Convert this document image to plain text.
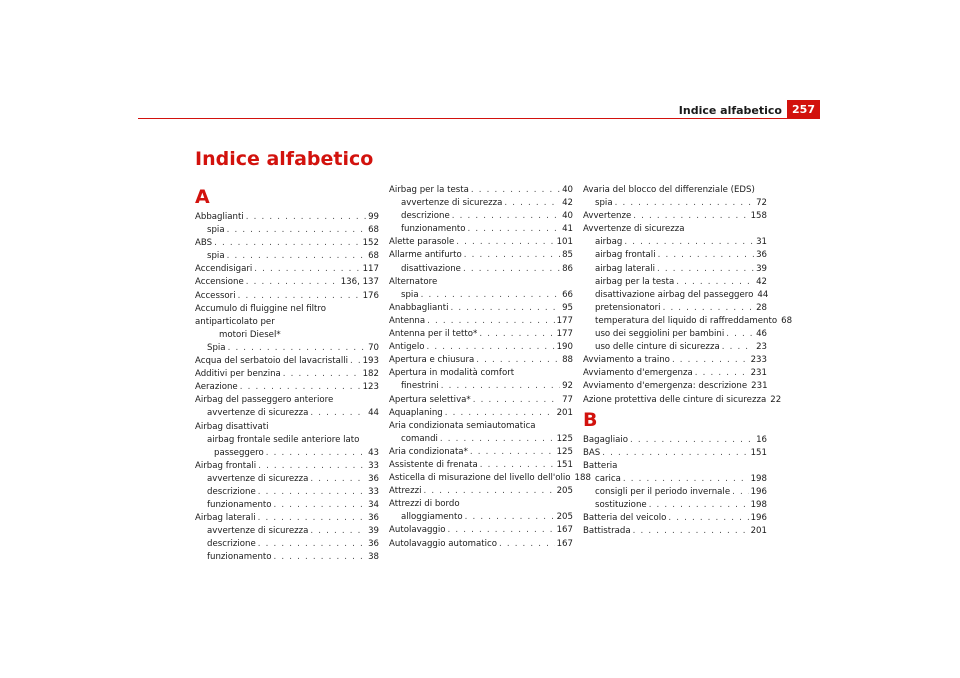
Indice alfabetico 257
Indice alfabetico
A
Abbaglianti . . .	99
spia . . .	68
ABS . . .	152
spia . . .	68
Accendisigari . . .	117
Accensione . . .	136, 137
Accessori . . .	176
Accumulo di fluiggine nel filtro antiparticolato per
motori Diesel*
Spia . . .	70
Acqua del serbatoio del lavacristalli . . . 193
Additivi per benzina . . .	182
Aerazione . . .	123
Airbag del passeggero anteriore
avvertenze di sicurezza . . .	44
Airbag disattivati
airbag frontale sedile anteriore lato
passeggero . . .	43
Airbag frontali . . .	33
avvertenze di sicurezza . . .	36
descrizione . . .	33
funzionamento . . .	34
Airbag laterali . . .	36
avvertenze di sicurezza . . .	39
descrizione . . .	36
funzionamento . . .	38
Airbag per la testa . . .	40
avvertenze di sicurezza . . .	42
descrizione . . .	40
funzionamento . . .	41
Alette parasole . . .	101
Allarme antifurto . . .	85
disattivazione . . .	86
Alternatore
spia . . .	66
Anabbaglianti . . .	95
Antenna . . .	177
Antenna per il tetto* . . .	177
Antigelo . . .	190
Apertura e chiusura . . .	88
Apertura in modalità comfort
finestrini . . .	92
Apertura selettiva* . . .	77
Aquaplaning . . .	201
Aria condizionata semiautomatica
comandi . . .	125
Aria condizionata* . . .	125
Assistente di frenata . . .	151
Asticella di misurazione del livello dell'olio 188
Attrezzi . . .	205
Attrezzi di bordo
alloggiamento . . .	205
Autolavaggio . . .	167
Autolavaggio automatico . . .	167
Avaria del blocco del differenziale (EDS)
spia . . .	72
Avvertenze . . .	158
Avvertenze di sicurezza
airbag . . .	31
airbag frontali . . .	36
airbag laterali . . .	39
airbag per la testa . . .	42
disattivazione airbag del passeggero 44
pretensionatori . . .	28
temperatura del liquido di raffreddamento 68
uso dei seggiolini per bambini . . .	46
uso delle cinture di sicurezza . . .	23
Avviamento a traino . . .	233
Avviamento d'emergenza . . .	231
Avviamento d'emergenza: descrizione 231
Azione protettiva delle cinture di sicurezza 22
B
Bagagliaio . . .	16
BAS . . .	151
Batteria
carica . . .	198
consigli per il periodo invernale . . . 196
sostituzione . . .	198
Batteria del veicolo . . .	196
Battistrada . . .	201
